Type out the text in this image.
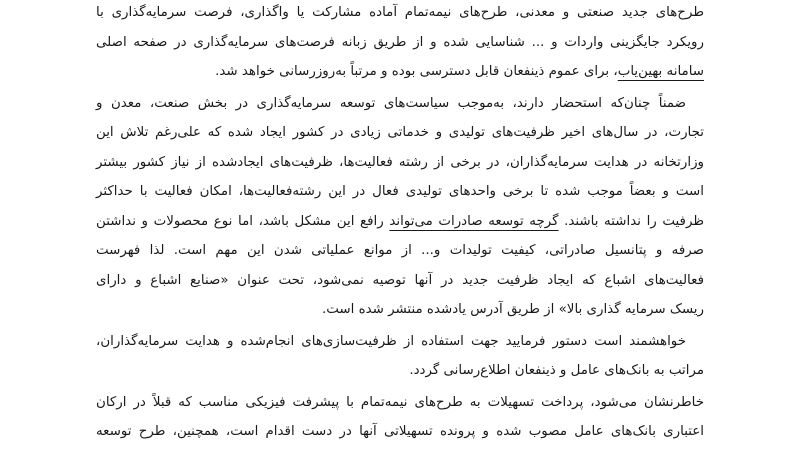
طرح‌های جدید صنعتی و معدنی، طرح‌های نیمه‌تمام آماده مشارکت یا واگذاری، فرصت سرمایه‌گذاری با
رویکرد جایگزینی واردات و ... شناسایی شده و از طریق زبانه فرصت‌های سرمایه‌گذاری در صفحه اصلی
سامانه بهین‌یاب، برای عموم ذینفعان قابل دسترسی بوده و مرتباً به‌روزرسانی خواهد شد.

ضمناً چنان‌که استحضار دارند، به‌موجب سیاست‌های توسعه سرمایه‌گذاری در بخش صنعت، معدن و
تجارت، در سال‌های اخیر ظرفیت‌های تولیدی و خدماتی زیادی در کشور ایجاد شده که علی‌رغم تلاش این
وزارتخانه در هدایت سرمایه‌گذاران، در برخی از رشته فعالیت‌ها، ظرفیت‌های ایجادشده از نیاز کشور بیشتر
است و بعضاً موجب شده تا برخی واحدهای تولیدی فعال در این رشته‌فعالیت‌ها، امکان فعالیت با حداکثر
ظرفیت را نداشته باشند. گرچه توسعه صادرات می‌تواند رافع این مشکل باشد، اما نوع محصولات و نداشتن
صرفه و پتانسیل صادراتی، کیفیت تولیدات و... از موانع عملیاتی شدن این مهم است. لذا فهرست
فعالیت‌های اشباع که ایجاد ظرفیت جدید در آنها توصیه نمی‌شود، تحت عنوان «صنایع اشباع و دارای
ریسک سرمایه گذاری بالا» از طریق آدرس یادشده منتشر شده است.

خواهشمند است دستور فرمایید جهت استفاده از ظرفیت‌سازی‌های انجام‌شده و هدایت سرمایه‌گذاران،
مراتب به بانک‌های عامل و ذینفعان اطلاع‌رسانی گردد.

خاطرنشان می‌شود، پرداخت تسهیلات به طرح‌های نیمه‌تمام با پیشرفت فیزیکی مناسب که قبلاً در ارکان
اعتباری بانک‌های عامل مصوب شده و پرونده تسهیلاتی آنها در دست اقدام است، همچنین، طرح توسعه
